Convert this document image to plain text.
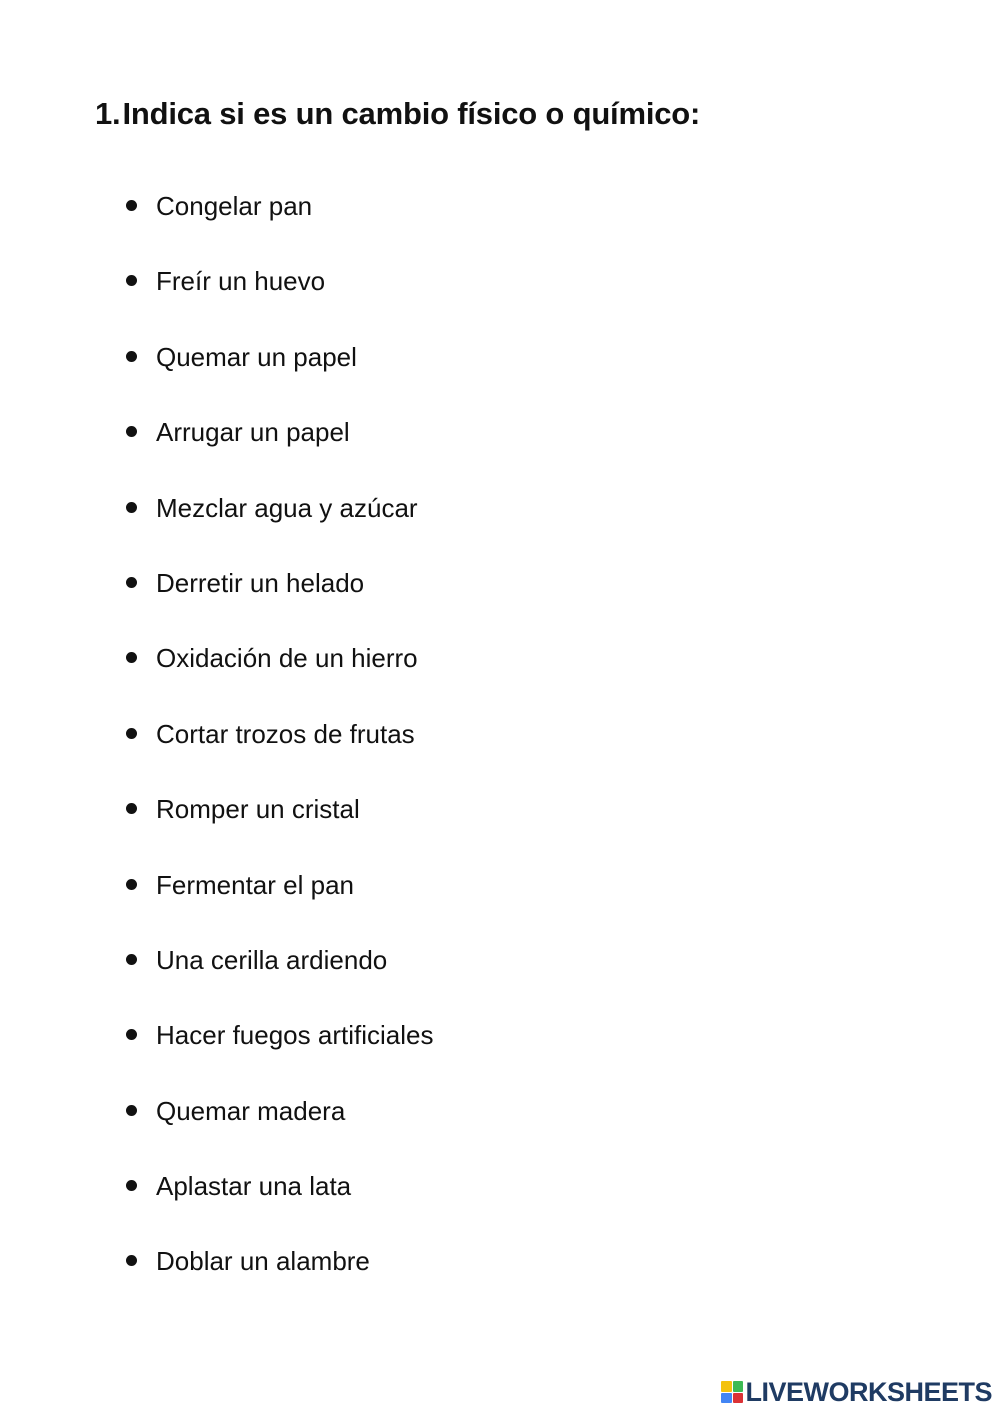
1.Indica si es un cambio físico o químico:
Congelar pan
Freír un huevo
Quemar un papel
Arrugar un papel
Mezclar agua y azúcar
Derretir un helado
Oxidación de un hierro
Cortar trozos de frutas
Romper un cristal
Fermentar el pan
Una cerilla ardiendo
Hacer fuegos artificiales
Quemar madera
Aplastar una lata
Doblar un alambre
LIVEWORKSHEETS
